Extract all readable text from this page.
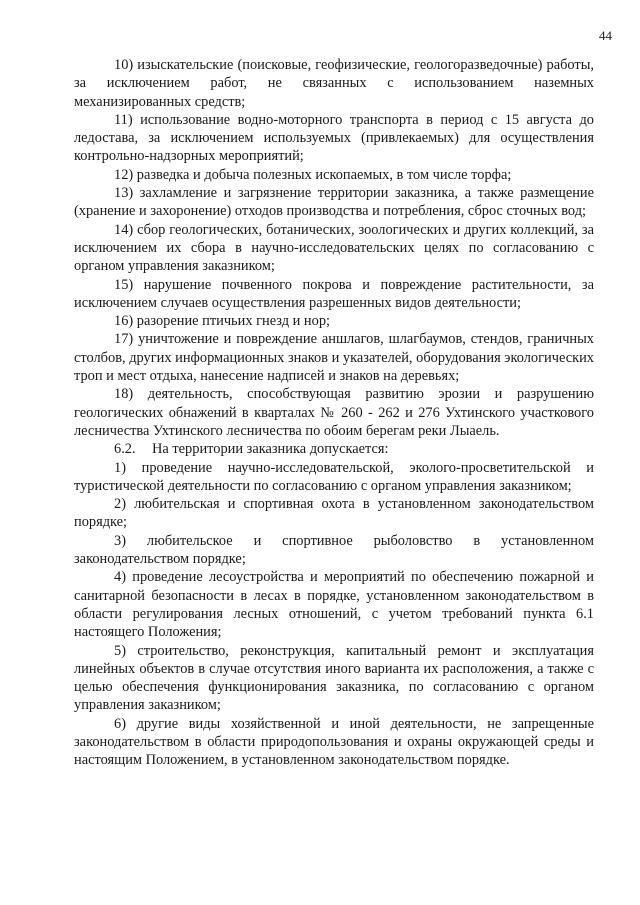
44

10) изыскательские (поисковые, геофизические, геологоразведочные) работы, за исключением работ, не связанных с использованием наземных механизированных средств;

11) использование водно-моторного транспорта в период с 15 августа до ледостава, за исключением используемых (привлекаемых) для осуществления контрольно-надзорных мероприятий;

12) разведка и добыча полезных ископаемых, в том числе торфа;

13) захламление и загрязнение территории заказника, а также размещение (хранение и захоронение) отходов производства и потребления, сброс сточных вод;

14) сбор геологических, ботанических, зоологических и других коллекций, за исключением их сбора в научно-исследовательских целях по согласованию с органом управления заказником;

15) нарушение почвенного покрова и повреждение растительности, за исключением случаев осуществления разрешенных видов деятельности;

16) разорение птичьих гнезд и нор;

17) уничтожение и повреждение аншлагов, шлагбаумов, стендов, граничных столбов, других информационных знаков и указателей, оборудования экологических троп и мест отдыха, нанесение надписей и знаков на деревьях;

18) деятельность, способствующая развитию эрозии и разрушению геологических обнажений в кварталах № 260 - 262 и 276 Ухтинского участкового лесничества Ухтинского лесничества по обоим берегам реки Лыаель.

6.2. На территории заказника допускается:

1) проведение научно-исследовательской, эколого-просветительской и туристической деятельности по согласованию с органом управления заказником;

2) любительская и спортивная охота в установленном законодательством порядке;

3) любительское и спортивное рыболовство в установленном законодательством порядке;

4) проведение лесоустройства и мероприятий по обеспечению пожарной и санитарной безопасности в лесах в порядке, установленном законодательством в области регулирования лесных отношений, с учетом требований пункта 6.1 настоящего Положения;

5) строительство, реконструкция, капитальный ремонт и эксплуатация линейных объектов в случае отсутствия иного варианта их расположения, а также с целью обеспечения функционирования заказника, по согласованию с органом управления заказником;

6) другие виды хозяйственной и иной деятельности, не запрещенные законодательством в области природопользования и охраны окружающей среды и настоящим Положением, в установленном законодательством порядке.
